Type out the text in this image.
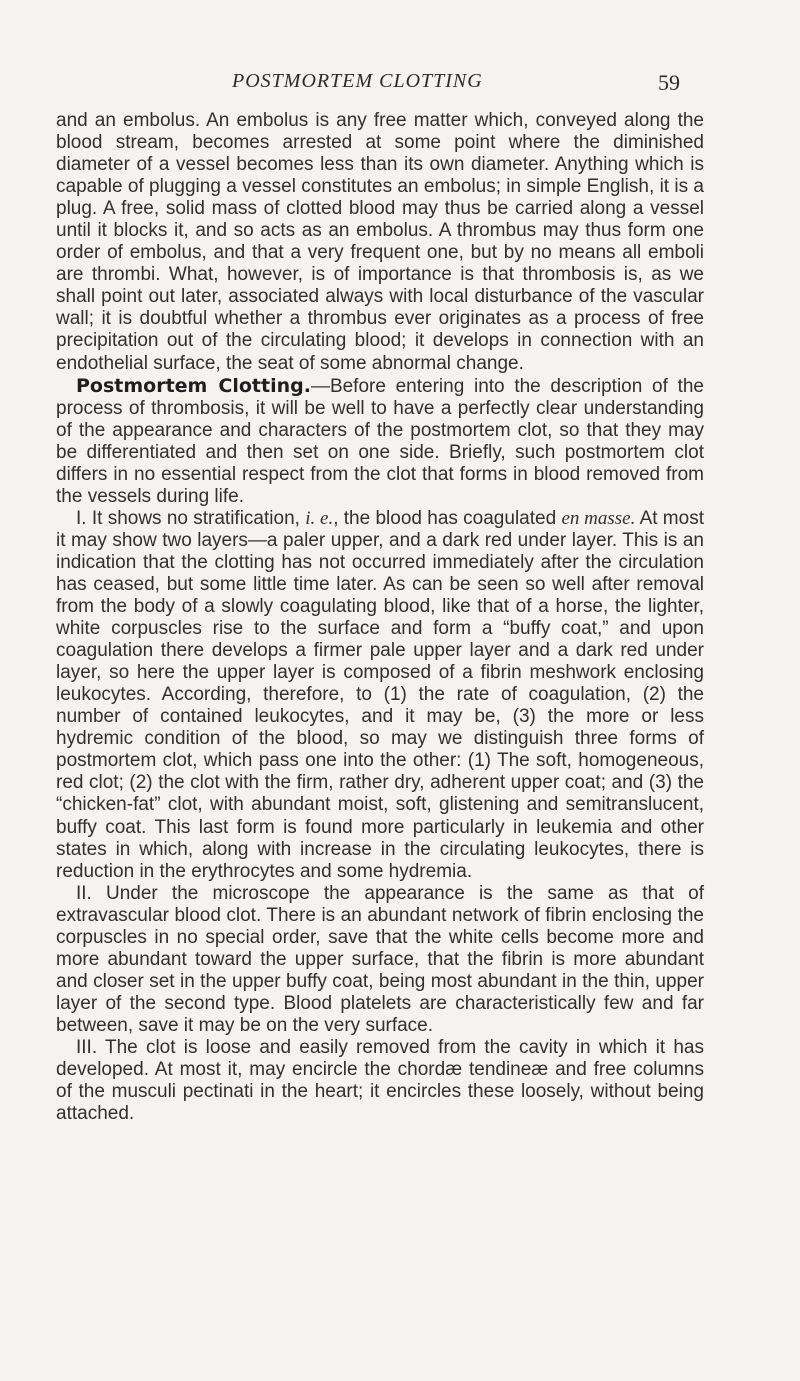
POSTMORTEM CLOTTING	59

and an embolus. An embolus is any free matter which, conveyed along the blood stream, becomes arrested at some point where the diminished diameter of a vessel becomes less than its own diameter. Anything which is capable of plugging a vessel constitutes an embolus; in simple English, it is a plug. A free, solid mass of clotted blood may thus be carried along a vessel until it blocks it, and so acts as an embolus. A thrombus may thus form one order of embolus, and that a very frequent one, but by no means all emboli are thrombi. What, however, is of importance is that thrombosis is, as we shall point out later, associated always with local disturbance of the vascular wall; it is doubtful whether a thrombus ever originates as a process of free precipitation out of the circulating blood; it develops in connection with an endothelial surface, the seat of some abnormal change.

Postmortem Clotting.—Before entering into the description of the process of thrombosis, it will be well to have a perfectly clear understanding of the appearance and characters of the postmortem clot, so that they may be differentiated and then set on one side. Briefly, such postmortem clot differs in no essential respect from the clot that forms in blood removed from the vessels during life.

I. It shows no stratification, i. e., the blood has coagulated en masse. At most it may show two layers—a paler upper, and a dark red under layer. This is an indication that the clotting has not occurred immediately after the circulation has ceased, but some little time later. As can be seen so well after removal from the body of a slowly coagulating blood, like that of a horse, the lighter, white corpuscles rise to the surface and form a “buffy coat,” and upon coagulation there develops a firmer pale upper layer and a dark red under layer, so here the upper layer is composed of a fibrin meshwork enclosing leukocytes. According, therefore, to (1) the rate of coagulation, (2) the number of contained leukocytes, and it may be, (3) the more or less hydremic condition of the blood, so may we distinguish three forms of postmortem clot, which pass one into the other: (1) The soft, homogeneous, red clot; (2) the clot with the firm, rather dry, adherent upper coat; and (3) the “chicken-fat” clot, with abundant moist, soft, glistening and semitranslucent, buffy coat. This last form is found more particularly in leukemia and other states in which, along with increase in the circulating leukocytes, there is reduction in the erythrocytes and some hydremia.

II. Under the microscope the appearance is the same as that of extravascular blood clot. There is an abundant network of fibrin enclosing the corpuscles in no special order, save that the white cells become more and more abundant toward the upper surface, that the fibrin is more abundant and closer set in the upper buffy coat, being most abundant in the thin, upper layer of the second type. Blood platelets are characteristically few and far between, save it may be on the very surface.

III. The clot is loose and easily removed from the cavity in which it has developed. At most it, may encircle the chordæ tendineæ and free columns of the musculi pectinati in the heart; it encircles these loosely, without being attached.
